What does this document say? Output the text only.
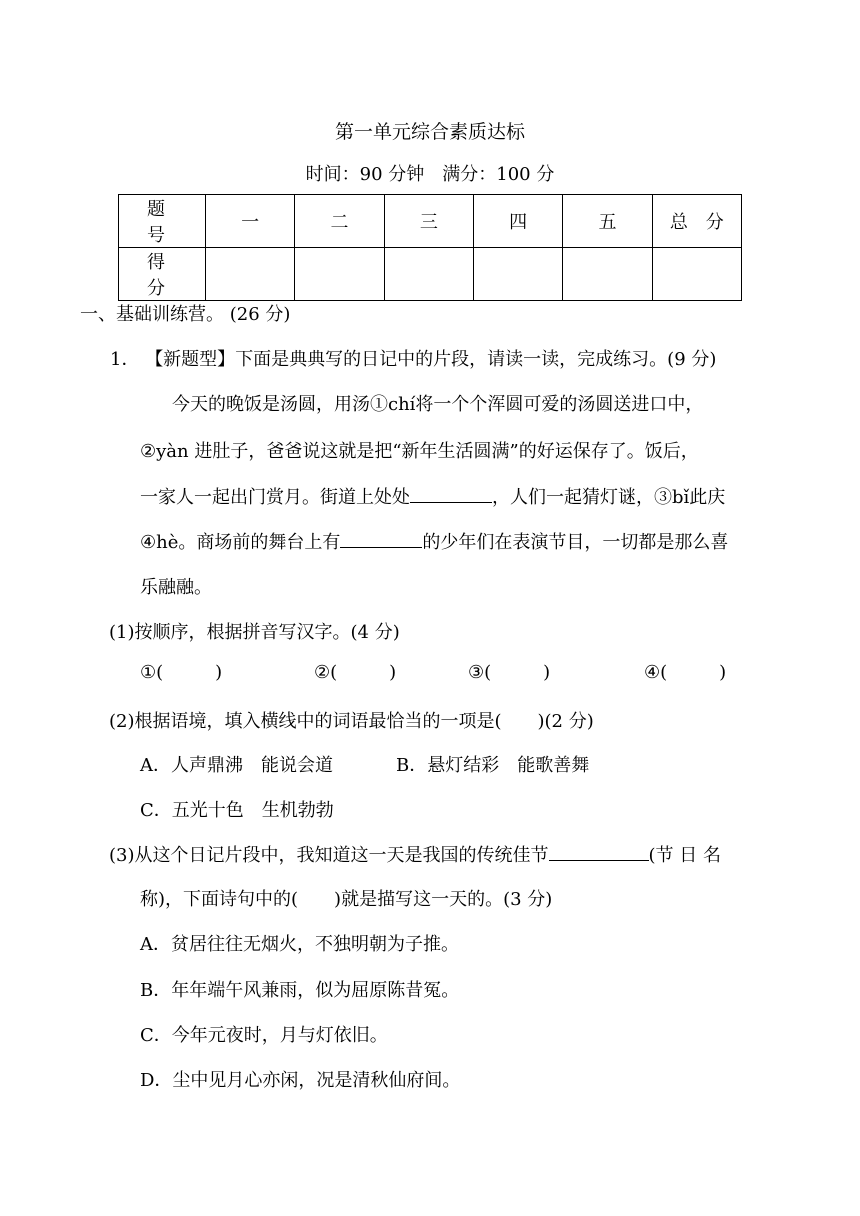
第一单元综合素质达标
时间：90 分钟　满分：100 分
题　号	一	二	三	四	五	总　分
得　分						
一、基础训练营。 (26 分)
1． 【新题型】下面是典典写的日记中的片段，请读一读，完成练习。(9 分)
今天的晚饭是汤圆，用汤①chí将一个个浑圆可爱的汤圆送进口中，
②yàn 进肚子，爸爸说这就是把“新年生活圆满”的好运保存了。饭后，
一家人一起出门赏月。街道上处处	，人们一起猜灯谜，③bǐ此庆
④hè。商场前的舞台上有	的少年们在表演节目，一切都是那么喜
乐融融。
(1)按顺序，根据拼音写汉字。(4 分)
①(	)	②(	)	③(	)	④(	)
(2)根据语境，填入横线中的词语最恰当的一项是(　　)(2 分)
A．人声鼎沸　能说会道	B．悬灯结彩　能歌善舞
C．五光十色　生机勃勃
(3)从这个日记片段中，我知道这一天是我国的传统佳节	(节 日 名
称)，下面诗句中的(　　)就是描写这一天的。(3 分)
A．贫居往往无烟火，不独明朝为子推。
B．年年端午风兼雨，似为屈原陈昔冤。
C．今年元夜时，月与灯依旧。
D．尘中见月心亦闲，况是清秋仙府间。
